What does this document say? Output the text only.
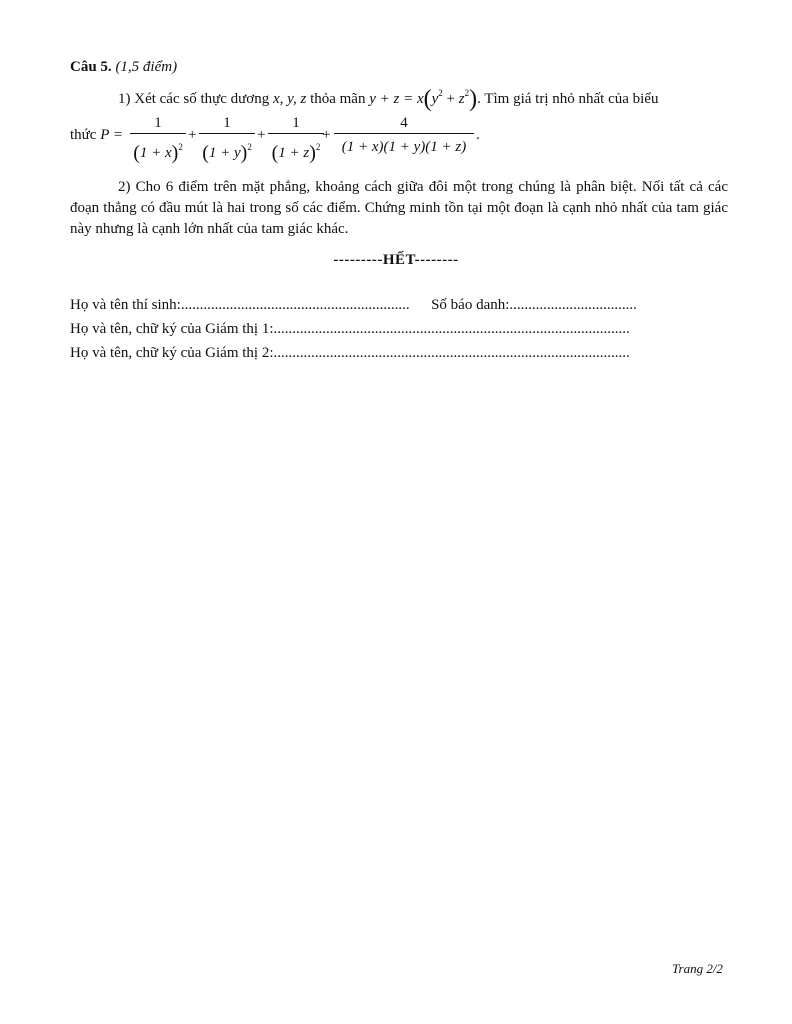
Câu 5. (1,5 điểm)
1) Xét các số thực dương x, y, z thỏa mãn $y + z = x(y^2 + z^2)$. Tìm giá trị nhỏ nhất của biểu
thức P =
1
$(1 + x)^2$
+
1
$(1 + y)^2$
+
1
$(1 + z)^2$
+
4
(1 + x)(1 + y)(1 + z)
.
2) Cho 6 điểm trên mặt phẳng, khoảng cách giữa đôi một trong chúng là phân biệt. Nối tất cả các đoạn thẳng có đầu mút là hai trong số các điểm. Chứng minh tồn tại một đoạn là cạnh nhỏ nhất của tam giác này nhưng là cạnh lớn nhất của tam giác khác.
---------HẾT--------
Họ và tên thí sinh:............................................................. Số báo danh:..................................
Họ và tên, chữ ký của Giám thị 1:...............................................................................................
Họ và tên, chữ ký của Giám thị 2:...............................................................................................
Trang 2/2
